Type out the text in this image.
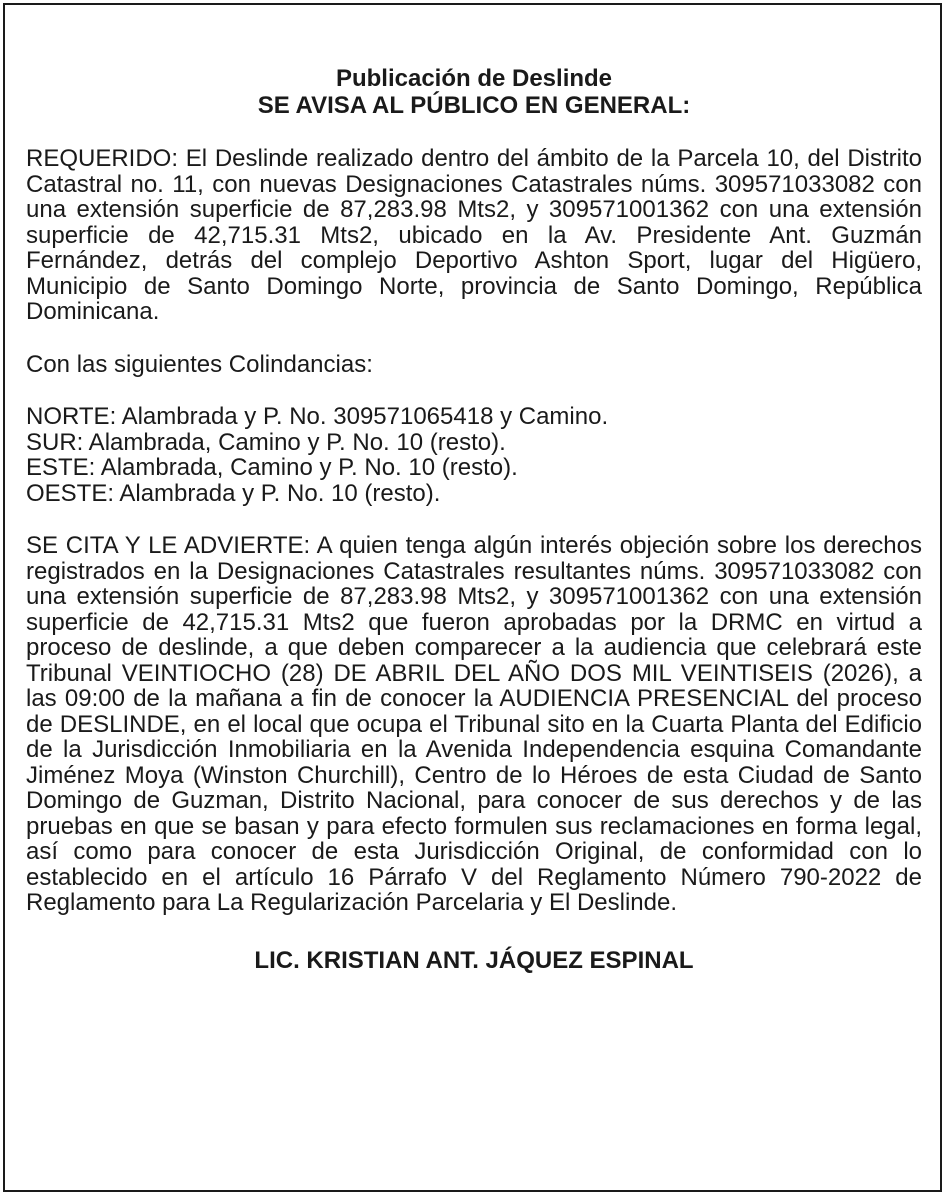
Publicación de Deslinde
SE AVISA AL PÚBLICO EN GENERAL:

REQUERIDO: El Deslinde realizado dentro del ámbito de la Parcela 10, del Distrito Catastral no. 11, con nuevas Designaciones Catastrales núms. 309571033082 con una extensión superficie de 87,283.98 Mts2, y 309571001362 con una extensión superficie de 42,715.31 Mts2, ubicado en la Av. Presidente Ant. Guzmán Fernández, detrás del complejo Deportivo Ashton Sport, lugar del Higüero, Municipio de Santo Domingo Norte, provincia de Santo Domingo, República Dominicana.

Con las siguientes Colindancias:

NORTE: Alambrada y P. No. 309571065418 y Camino.
SUR: Alambrada, Camino y P. No. 10 (resto).
ESTE: Alambrada, Camino y P. No. 10 (resto).
OESTE: Alambrada y P. No. 10 (resto).

SE CITA Y LE ADVIERTE: A quien tenga algún interés objeción sobre los derechos registrados en la Designaciones Catastrales resultantes núms. 309571033082 con una extensión superficie de 87,283.98 Mts2, y 309571001362 con una extensión superficie de 42,715.31 Mts2 que fueron aprobadas por la DRMC en virtud a proceso de deslinde, a que deben comparecer a la audiencia que celebrará este Tribunal VEINTIOCHO (28) DE ABRIL DEL AÑO DOS MIL VEINTISEIS (2026), a las 09:00 de la mañana a fin de conocer la AUDIENCIA PRESENCIAL del proceso de DESLINDE, en el local que ocupa el Tribunal sito en la Cuarta Planta del Edificio de la Jurisdicción Inmobiliaria en la Avenida Independencia esquina Comandante Jiménez Moya (Winston Churchill), Centro de lo Héroes de esta Ciudad de Santo Domingo de Guzman, Distrito Nacional, para conocer de sus derechos y de las pruebas en que se basan y para efecto formulen sus reclamaciones en forma legal, así como para conocer de esta Jurisdicción Original, de conformidad con lo establecido en el artículo 16 Párrafo V del Reglamento Número 790-2022 de Reglamento para La Regularización Parcelaria y El Deslinde.

LIC. KRISTIAN ANT. JÁQUEZ ESPINAL
